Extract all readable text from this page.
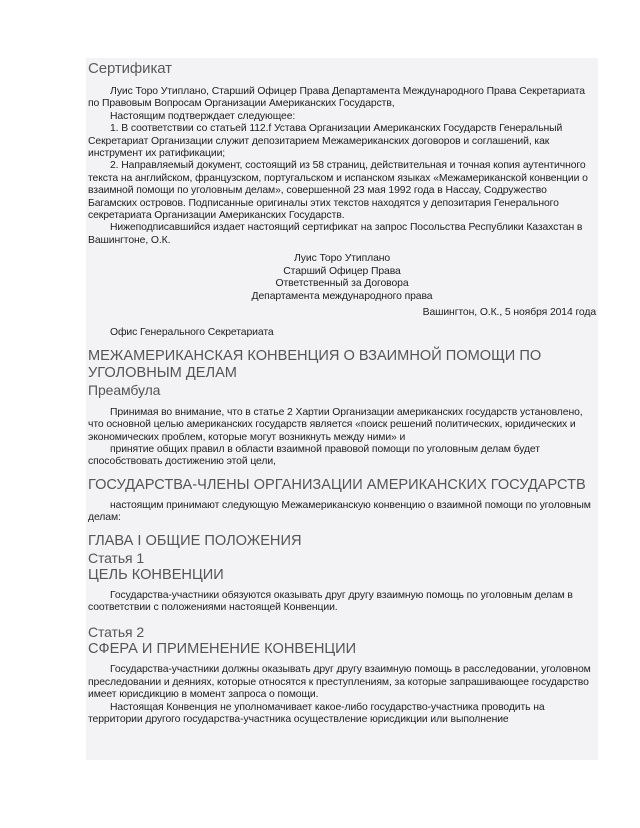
Сертификат

Луис Торо Утиплано, Старший Офицер Права Департамента Международного Права Секретариата по Правовым Вопросам Организации Американских Государств,

Настоящим подтверждает следующее:

1. В соответствии со статьей 112.f Устава Организации Американских Государств Генеральный Секретариат Организации служит депозитарием Межамериканских договоров и соглашений, как инструмент их ратификации;

2. Направляемый документ, состоящий из 58 страниц, действительная и точная копия аутентичного текста на английском, французском, португальском и испанском языках «Межамериканской конвенции о взаимной помощи по уголовным делам», совершенной 23 мая 1992 года в Нассау, Содружество Багамских островов. Подписанные оригиналы этих текстов находятся у депозитария Генерального секретариата Организации Американских Государств.

Нижеподписавшийся издает настоящий сертификат на запрос Посольства Республики Казахстан в Вашингтоне, О.К.

Луис Торо Утиплано

Старший Офицер Права

Ответственный за Договора

Департамента международного права

Вашингтон, О.К., 5 ноября 2014 года

Офис Генерального Секретариата

МЕЖАМЕРИКАНСКАЯ КОНВЕНЦИЯ О ВЗАИМНОЙ ПОМОЩИ ПО УГОЛОВНЫМ ДЕЛАМ
Преамбула

Принимая во внимание, что в статье 2 Хартии Организации американских государств установлено, что основной целью американских государств является «поиск решений политических, юридических и экономических проблем, которые могут возникнуть между ними» и

принятие общих правил в области взаимной правовой помощи по уголовным делам будет способствовать достижению этой цели,

ГОСУДАРСТВА-ЧЛЕНЫ ОРГАНИЗАЦИИ АМЕРИКАНСКИХ ГОСУДАРСТВ

настоящим принимают следующую Межамериканскую конвенцию о взаимной помощи по уголовным делам:

ГЛАВА I ОБЩИЕ ПОЛОЖЕНИЯ
Статья 1
ЦЕЛЬ КОНВЕНЦИИ

Государства-участники обязуются оказывать друг другу взаимную помощь по уголовным делам в соответствии с положениями настоящей Конвенции.

Статья 2
СФЕРА И ПРИМЕНЕНИЕ КОНВЕНЦИИ

Государства-участники должны оказывать друг другу взаимную помощь в расследовании, уголовном преследовании и деяниях, которые относятся к преступлениям, за которые запрашивающее государство имеет юрисдикцию в момент запроса о помощи.

Настоящая Конвенция не уполномачивает какое-либо государство-участника проводить на территории другого государства-участника осуществление юрисдикции или выполнение
